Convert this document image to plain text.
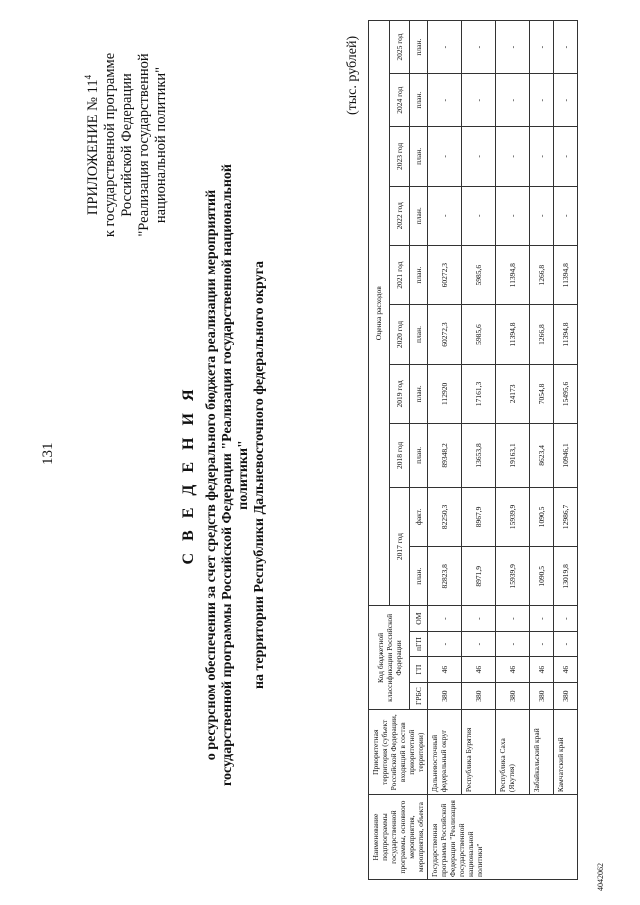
131
ПРИЛОЖЕНИЕ № $11^4$ к государственной программе Российской Федерации "Реализация государственной национальной политики"
С В Е Д Е Н И Я о ресурсном обеспечении за счет средств федерального бюджета реализации мероприятий государственной программы Российской Федерации "Реализация государственной национальной политики" на территории Республики Дальневосточного федерального округа
(тыс. рублей)
Наименование подпрограммы государственной программы, основного мероприятия, мероприятия, объекта	Приоритетная территория (субъект Российской Федерации, входящий в состав приоритетной территории)	Код бюджетной классификации Российской Федерации				Оценка расходов									
						2017 год		2018 год	2019 год	2020 год	2021 год	2022 год	2023 год	2024 год	2025 год
		ГРБС	ГП	пГП	ОМ	план.	факт.	план.	план.	план.	план.	план.	план.	план.	план.
Государственная программа Российской Федерации "Реализация государственной национальной политики"	Дальневосточный федеральный округ	380	46	-	-	82823,8	82250,3	89348,2	112920	60272,3	60272,3	-	-	-	-
	Республика Бурятия	380	46	-	-	8971,9	8967,9	13653,8	17161,3	5985,6	5985,6	-	-	-	-
	Республика Саха (Якутия)	380	46	-	-	15939,9	15939,9	19163,1	24173	11394,8	11394,8	-	-	-	-
	Забайкальский край	380	46	-	-	1090,5	1090,5	8623,4	7054,8	1266,8	1266,8	-	-	-	-
	Камчатский край	380	46	-	-	13019,8	12986,7	10946,1	15495,6	11394,8	11394,8	-	-	-	-
4042062
